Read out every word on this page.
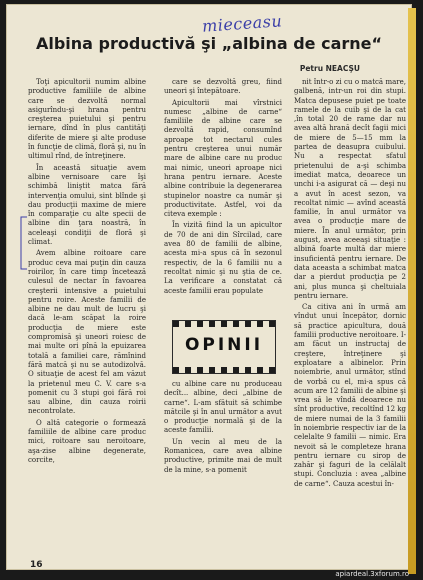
mieceasu
Albina productivă şi „albina de carne“
Petru NEACŞU

Toţi apicultorii numim albine productive familiile de albine care se dezvoltă normal asigurîndu-şi hrana pentru creşterea puietului şi pentru iernare, dînd în plus cantităţi diferite de miere şi alte produse în funcţie de climă, floră şi, nu în ultimul rînd, de întreţinere.

În această situaţie avem albine vernisoare care îşi schimbă liniştit matca fără intervenţia omului, sint blînde şi dau producţii maxime de miere în comparaţie cu alte specii de albine din ţara noastră, în aceleaşi condiţii de floră şi climat.

Avem albine roitoare care produc ceva mai puţin din cauza roirilor, în care timp încetează culesul de nectar în favoarea creşterii intensive a puietului pentru roire. Aceste familii de albine ne dau mult de lucru şi dacă le-am scăpat la roire producţia de miere este compromisă şi uneori roiesc de mai multe ori pînă la epuizarea totală a familiei care, rămînind fără matcă şi nu se autodizolvă. O situaţie de acest fel am văzut la prietenul meu C. V. care s-a pomenit cu 3 stupi goi fără roi sau albine, din cauza roirii necontrolate.

O altă categorie o formează familiile de albine care produc mici, roitoare sau neroitoare, aşa-zise albine degenerate, corcite,

care se dezvoltă greu, fiind uneori şi întepătoare.

Apicultorii mai vîrstnici numesc „albine de carne“ familiile de albine care se dezvoltă rapid, consumînd aproape tot nectarul cules pentru creşterea unui număr mare de albine care nu produc mai nimic, uneori aproape nici hrana pentru iernare. Aceste albine contribuie la degenerarea stupinelor noastre ca număr şi productivitate. Astfel, voi da citeva exemple :

În vizită fiind la un apicultor de 70 de ani din Sîrcilad, care avea 80 de familii de albine, acesta mi-a spus că în sezonul respectiv, de la 6 familii nu a recoltat nimic şi nu ştia de ce. La verificare a constatat că aceste familii erau populate

OPINII

cu albine care nu produceau decît... albine, deci „albine de carne“. L-am sfătuit să schimbe mătcile şi în anul următor a avut o producţie normală şi de la aceste familii.

Un vecin al meu de la Romanicea, care avea albine productive, primite mai de mult de la mine, s-a pomenit

nit într-o zi cu o matcă mare, galbenă, intr-un roi din stupi. Matca depusese puiet pe toate ramele de la cuib şi de la cat ,în total 20 de rame dar nu avea altă hrană decît fagii mici de miere de 5—15 mm la partea de deasupra cuibului. Nu a respectat sfatul prietenului de a-şi schimba imediat matca, deoarece un unchi i-a asigurat că — deşi nu a avut în acest sezon, va recoltat nimic — avînd această familie, în anul următor va avea o producţie mare de miere. În anul următor, prin august, avea aceeaşi situaţie : albină foarte multă dar miere insuficientă pentru iernare. De data aceasta a schimbat matca dar a pierdut producţia pe 2 ani, plus munca şi cheltuiala pentru iernare.

Ca citiva ani în urmă am vîndut unui începător, dornic să practice apicultura, două familii productive neroitoare. I-am făcut un instructaj de creştere, întreţinere şi exploatare a albinelor. Prin noiembrie, anul următor, stînd de vorbă cu el, mi-a spus că acum are 12 familii de albine şi vrea să le vîndă deoarece nu sînt productive, recoltînd 12 kg de miere numai de la 3 familii în noiembrie respectiv iar de la celelalte 9 familii — nimic. Era nevoit să le completeze hrana pentru iernare cu sirop de zahăr şi faguri de la celălalt stupi. Concluzia : avea „albine de carne“. Cauza acestui în-

16
apiardeal.3xforum.ro
